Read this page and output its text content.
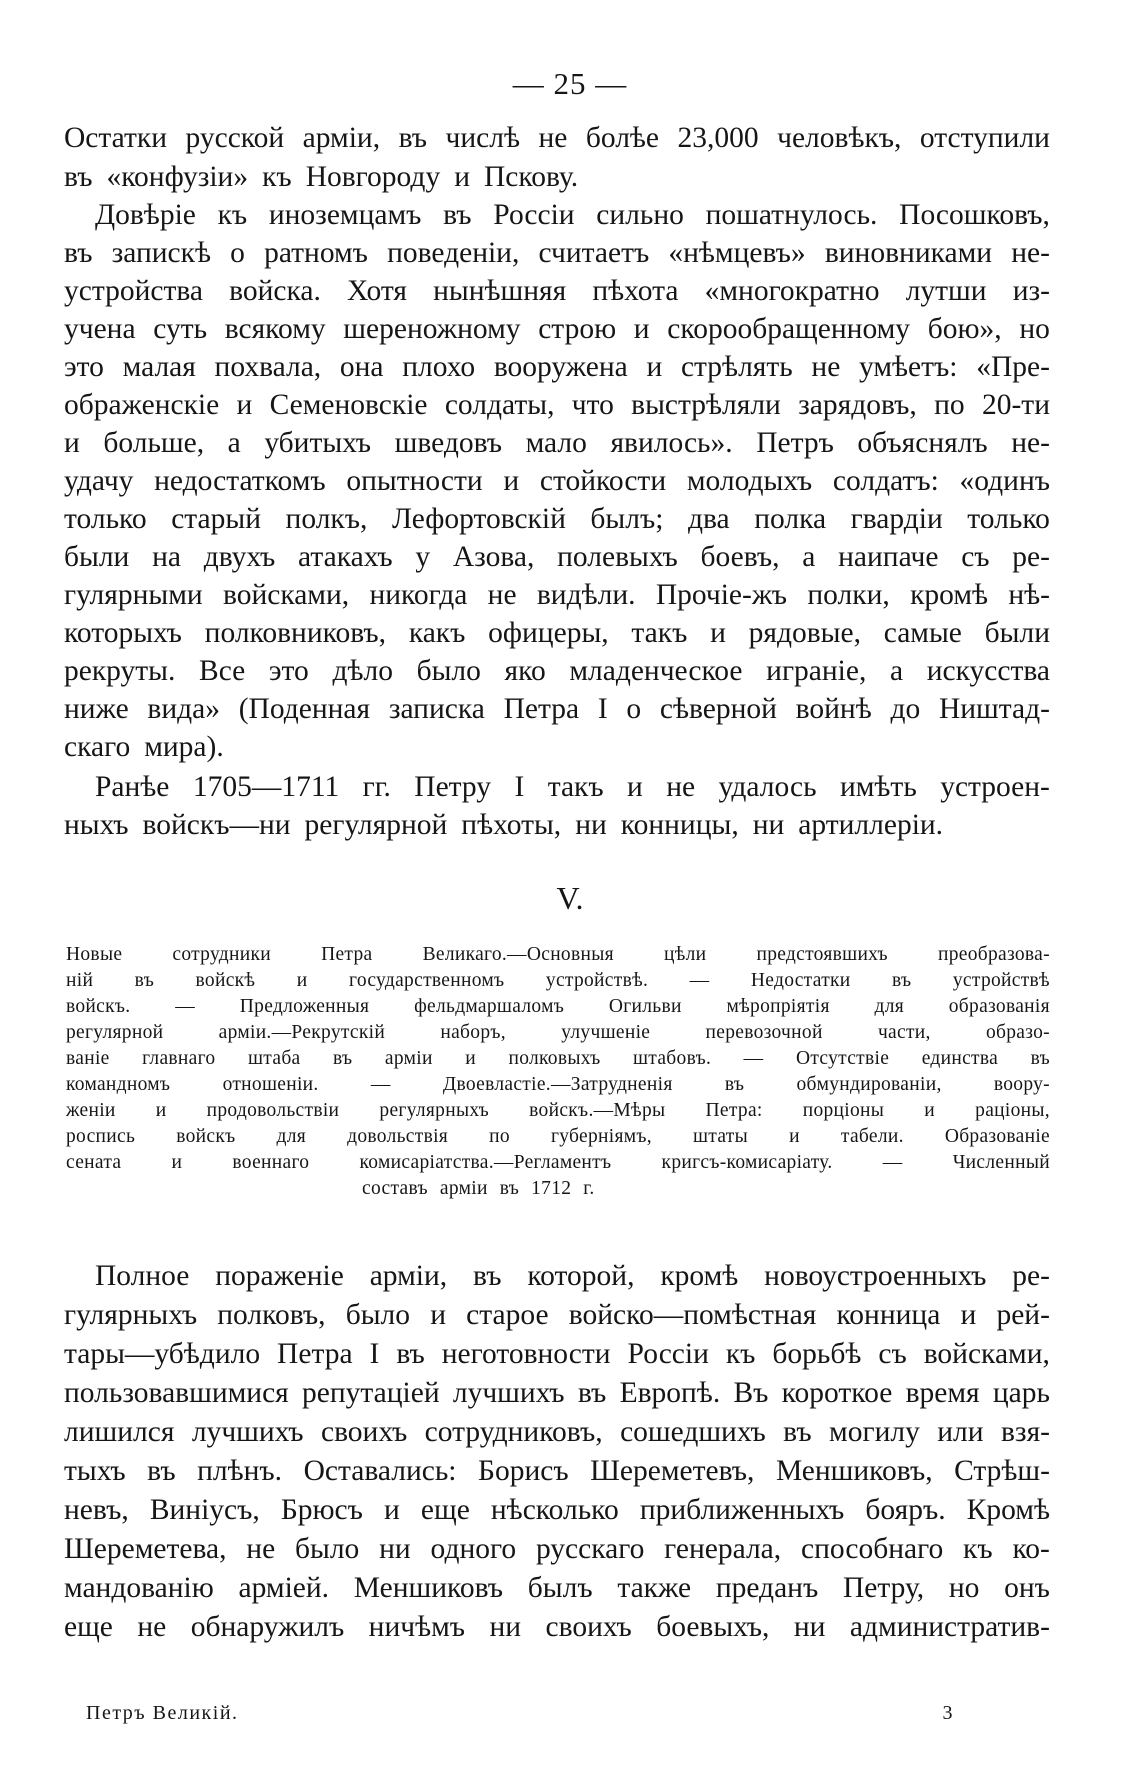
— 25 —
Остатки русской арміи, въ числѣ не болѣе 23,000 человѣкъ, отступили
въ «конфузіи» къ Новгороду и Пскову.
Довѣріе къ иноземцамъ въ Россіи сильно пошатнулось. Посошковъ,
въ запискѣ о ратномъ поведеніи, считаетъ «нѣмцевъ» виновниками не-
устройства войска. Хотя нынѣшняя пѣхота «многократно лутши из-
учена суть всякому шереножному строю и скорообращенному бою», но
это малая похвала, она плохо вооружена и стрѣлять не умѣетъ: «Пре-
ображенскіе и Семеновскіе солдаты, что выстрѣляли зарядовъ, по 20-ти
и больше, а убитыхъ шведовъ мало явилось». Петръ объяснялъ не-
удачу недостаткомъ опытности и стойкости молодыхъ солдатъ: «одинъ
только старый полкъ, Лефортовскій былъ; два полка гвардіи только
были на двухъ атакахъ у Азова, полевыхъ боевъ, а наипаче съ ре-
гулярными войсками, никогда не видѣли. Прочіе-жъ полки, кромѣ нѣ-
которыхъ полковниковъ, какъ офицеры, такъ и рядовые, самые были
рекруты. Все это дѣло было яко младенческое играніе, а искусства
ниже вида» (Поденная записка Петра I о сѣверной войнѣ до Ништад-
скаго мира).
Ранѣе 1705—1711 гг. Петру I такъ и не удалось имѣть устроен-
ныхъ войскъ—ни регулярной пѣхоты, ни конницы, ни артиллеріи.
V.
Новые	сотрудники	Петра	Великаго.—Основныя	цѣли	предстоявшихъ	преобразова-
ній въ войскѣ и государственномъ устройствѣ. — Недостатки въ устройствѣ
войскъ. — Предложенныя фельдмаршаломъ Огильви мѣропріятія для образованія
регулярной	арміи.—Рекрутскій	наборъ,	улучшеніе	перевозочной	части,	образо-
ваніе главнаго штаба въ арміи и полковыхъ штабовъ. — Отсутствіе единства въ
командномъ	отношеніи.	—	Двоевластіе.—Затрудненія	въ	обмундированіи,	воору-
женіи и продовольствіи регулярныхъ войскъ.—Мѣры Петра: порціоны и раціоны,
роспись войскъ для довольствія по губерніямъ, штаты и табели. Образованіе
сената	и	военнаго	комисаріатства.—Регламентъ	кригсъ-комисаріату.	—	Численный
составъ арміи въ 1712 г.
Полное пораженіе арміи, въ которой, кромѣ новоустроенныхъ ре-
гулярныхъ полковъ, было и старое войско—помѣстная конница и рей-
тары—убѣдило Петра I въ неготовности Россіи къ борьбѣ съ войсками,
пользовавшимися репутаціей лучшихъ въ Европѣ. Въ короткое время царь
лишился лучшихъ своихъ сотрудниковъ, сошедшихъ въ могилу или взя-
тыхъ въ плѣнъ. Оставались: Борисъ Шереметевъ, Меншиковъ, Стрѣш-
невъ, Виніусъ, Брюсъ и еще нѣсколько приближенныхъ бояръ. Кромѣ
Шереметева, не было ни одного русскаго генерала, способнаго къ ко-
мандованію арміей. Меншиковъ былъ также преданъ Петру, но онъ
еще не обнаружилъ ничѣмъ ни своихъ боевыхъ, ни административ-
Петръ Великій.	3
